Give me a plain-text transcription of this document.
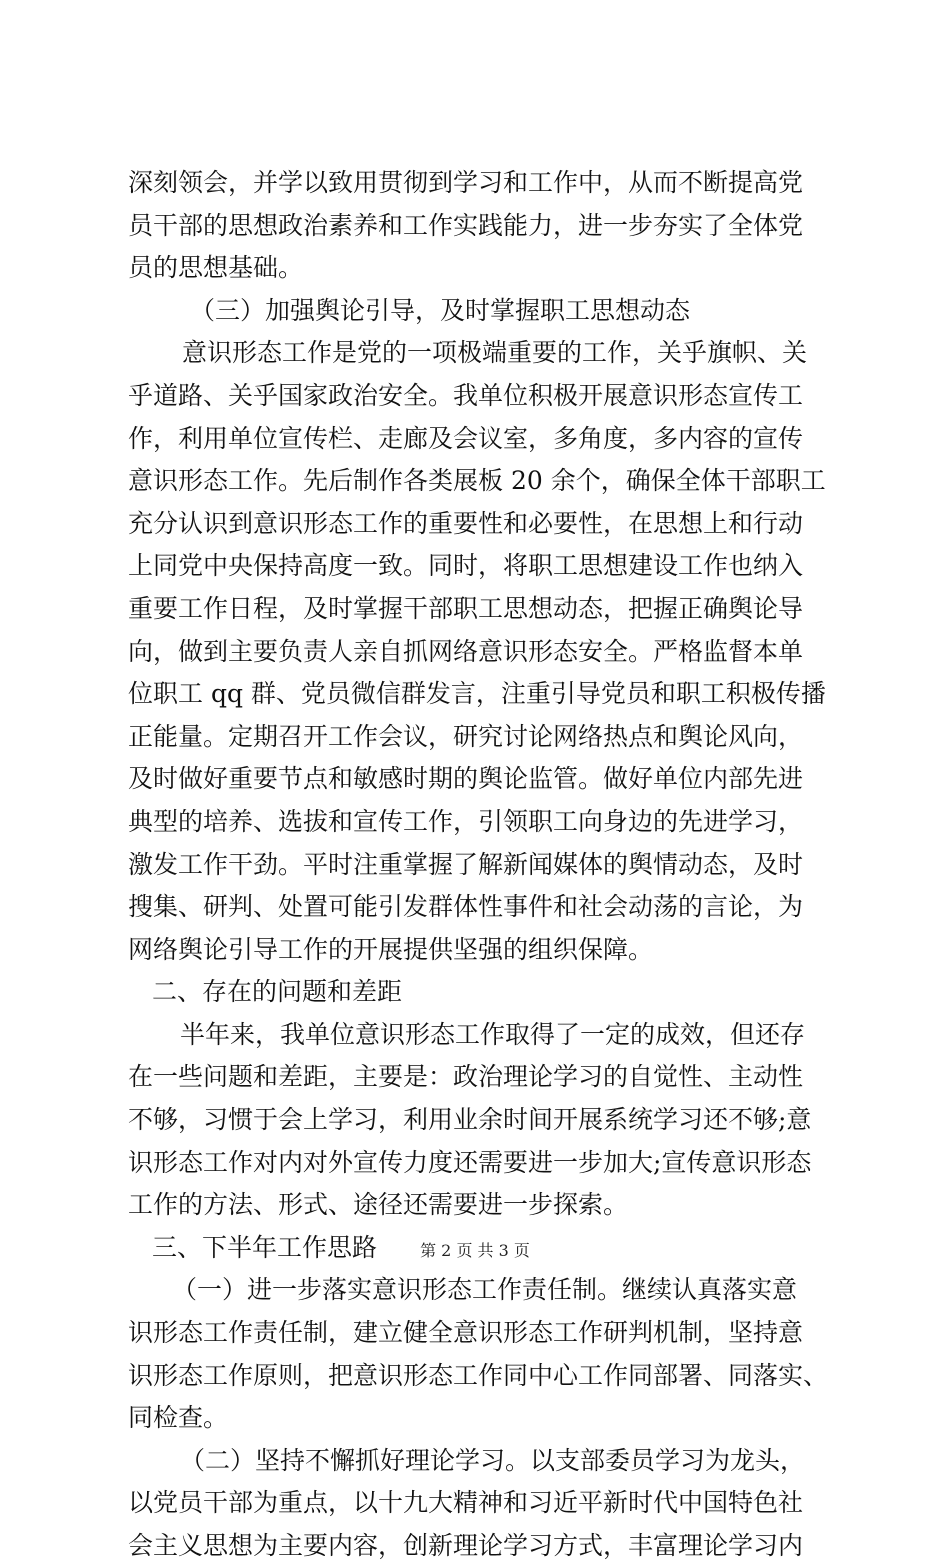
深刻领会，并学以致用贯彻到学习和工作中，从而不断提高党

员干部的思想政治素养和工作实践能力，进一步夯实了全体党

员的思想基础。

（三）加强舆论引导，及时掌握职工思想动态

意识形态工作是党的一项极端重要的工作，关乎旗帜、关

乎道路、关乎国家政治安全。我单位积极开展意识形态宣传工

作，利用单位宣传栏、走廊及会议室，多角度，多内容的宣传

意识形态工作。先后制作各类展板 20 余个，确保全体干部职工

充分认识到意识形态工作的重要性和必要性，在思想上和行动

上同党中央保持高度一致。同时，将职工思想建设工作也纳入

重要工作日程，及时掌握干部职工思想动态，把握正确舆论导

向，做到主要负责人亲自抓网络意识形态安全。严格监督本单

位职工 qq 群、党员微信群发言，注重引导党员和职工积极传播

正能量。定期召开工作会议，研究讨论网络热点和舆论风向，

及时做好重要节点和敏感时期的舆论监管。做好单位内部先进

典型的培养、选拔和宣传工作，引领职工向身边的先进学习，

激发工作干劲。平时注重掌握了解新闻媒体的舆情动态，及时

搜集、研判、处置可能引发群体性事件和社会动荡的言论，为

网络舆论引导工作的开展提供坚强的组织保障。

二、存在的问题和差距

半年来，我单位意识形态工作取得了一定的成效，但还存

在一些问题和差距，主要是：政治理论学习的自觉性、主动性

不够，习惯于会上学习，利用业余时间开展系统学习还不够;意

识形态工作对内对外宣传力度还需要进一步加大;宣传意识形态

工作的方法、形式、途径还需要进一步探索。

三、下半年工作思路

（一）进一步落实意识形态工作责任制。继续认真落实意

识形态工作责任制，建立健全意识形态工作研判机制，坚持意

识形态工作原则，把意识形态工作同中心工作同部署、同落实、

同检查。

（二）坚持不懈抓好理论学习。以支部委员学习为龙头，

以党员干部为重点，以十九大精神和习近平新时代中国特色社

会主义思想为主要内容，创新理论学习方式，丰富理论学习内

第 2 页 共 3 页
